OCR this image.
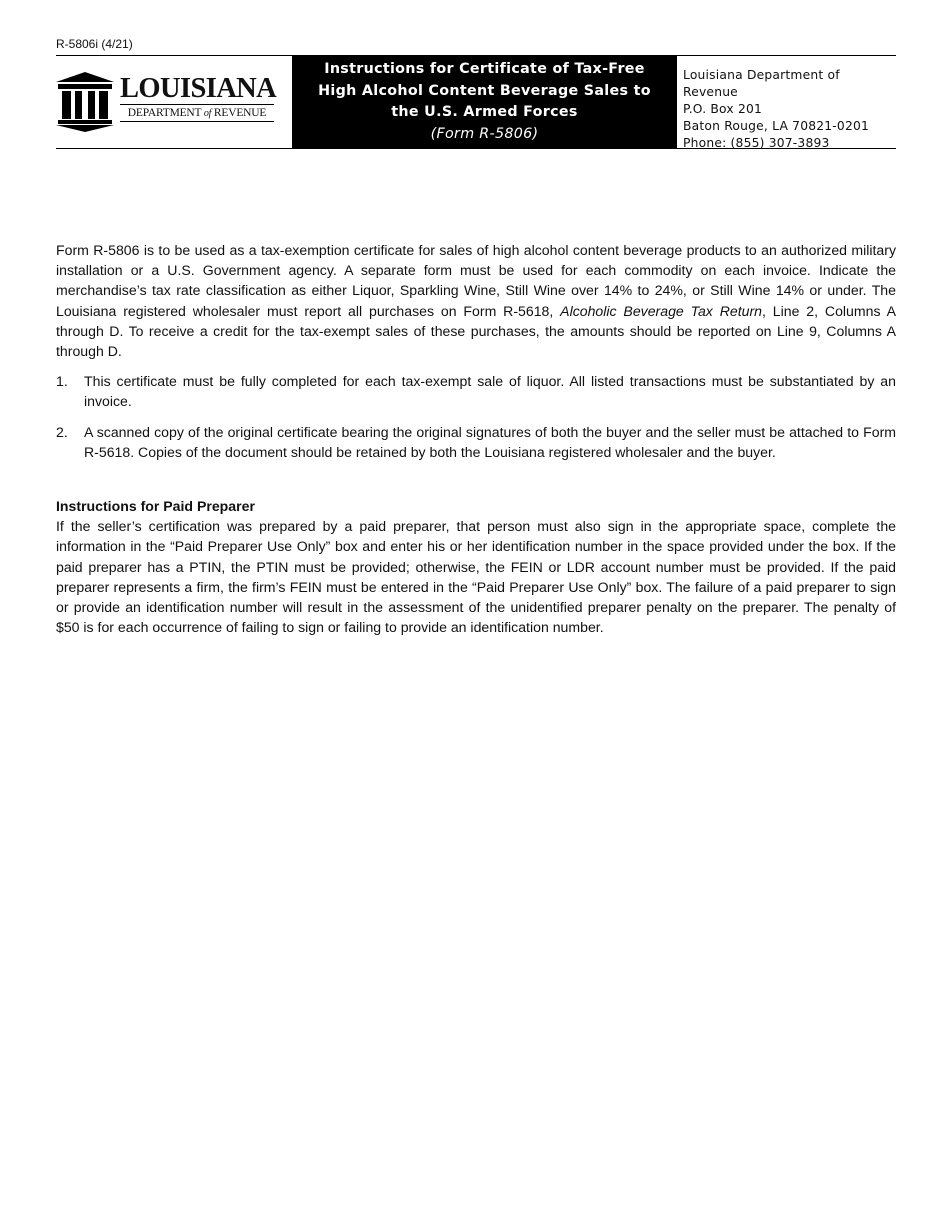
R-5806i (4/21)
LOUISIANA
DEPARTMENT of REVENUE
Instructions for Certificate of Tax-Free
High Alcohol Content Beverage Sales to
the U.S. Armed Forces
(Form R-5806)
Louisiana Department of Revenue
P.O. Box 201
Baton Rouge, LA 70821-0201
Phone: (855) 307-3893

Form R-5806 is to be used as a tax-exemption certificate for sales of high alcohol content beverage products to an authorized military installation or a U.S. Government agency. A separate form must be used for each commodity on each invoice. Indicate the merchandise’s tax rate classification as either Liquor, Sparkling Wine, Still Wine over 14% to 24%, or Still Wine 14% or under. The Louisiana registered wholesaler must report all purchases on Form R-5618, Alcoholic Beverage Tax Return, Line 2, Columns A through D. To receive a credit for the tax-exempt sales of these purchases, the amounts should be reported on Line 9, Columns A through D.

1. This certificate must be fully completed for each tax-exempt sale of liquor. All listed transactions must be substantiated by an invoice.
2. A scanned copy of the original certificate bearing the original signatures of both the buyer and the seller must be attached to Form R-5618. Copies of the document should be retained by both the Louisiana registered wholesaler and the buyer.
Instructions for Paid Preparer

If the seller’s certification was prepared by a paid preparer, that person must also sign in the appropriate space, complete the information in the “Paid Preparer Use Only” box and enter his or her identification number in the space provided under the box. If the paid preparer has a PTIN, the PTIN must be provided; otherwise, the FEIN or LDR account number must be provided. If the paid preparer represents a firm, the firm’s FEIN must be entered in the “Paid Preparer Use Only” box. The failure of a paid preparer to sign or provide an identification number will result in the assessment of the unidentified preparer penalty on the preparer. The penalty of $50 is for each occurrence of failing to sign or failing to provide an identification number.
